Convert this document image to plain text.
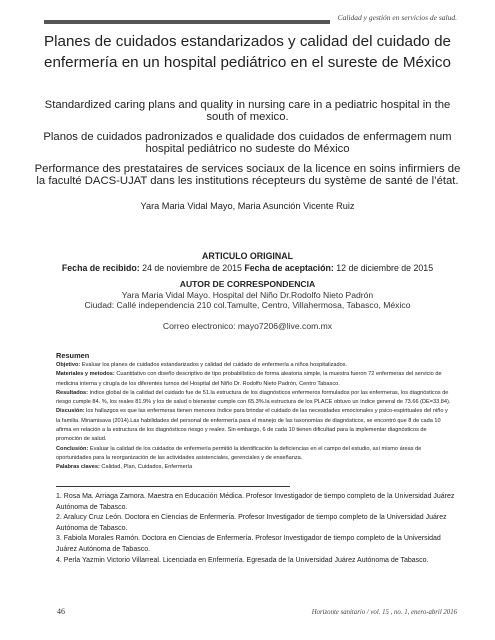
Calidad y gestión en servicios de salud.
Planes de cuidados estandarizados y calidad del cuidado de enfermería en un hospital pediátrico en el sureste de México
Standardized caring plans and quality in nursing care in a pediatric hospital in the south of mexico.
Planos de cuidados padronizados e qualidade dos cuidados de enfermagem num hospital pediátrico no sudeste do México
Performance des prestataires de services sociaux de la licence en soins infirmiers de la faculté DACS-UJAT dans les institutions récepteurs du système de santé de l’état.
Yara Maria Vidal Mayo, Maria Asunción Vicente Ruiz
ARTICULO ORIGINAL
Fecha de recibido: 24 de noviembre de 2015 Fecha de aceptación: 12 de diciembre de 2015
AUTOR DE CORRESPONDENCIA
Yara Maria Vidal Mayo. Hospital del Niño Dr.Rodolfo Nieto Padrón
Ciudad: Callé independencia 210 col.Tamulte, Centro, Villahermosa, Tabasco, México
Correo electronico: mayo7206@live.com.mx
Resumen

Objetivo: Evaluar los planes de cuidados estandarizados y calidad del cuidado de enfermería a niños hospitalizados.

Materiales y metodos: Cuantitativo con diseño descriptivo de tipo probabilístico de forma aleatoria simple, la muestra fueron 72 enfermeras del servicio de medicina interna y cirugía de los diferentes turnos del Hospital del Niño Dr. Rodolfo Nieto Padrón, Centro Tabasco.

Resultados: índice global de la calidad del cuidado fue de 51.la estructura de los diagnósticos enfermeros formulados por las enfermeras, los diagnósticos de riesgo cumple 84. %, los reales 81.9% y los de salud o bienestar cumple con 65.3%.la estructura de los PLACE obtuvo un índice general de 73.66 (DE=33.84).

Discusión: los hallazgos es que las enfermeras tienen menores índice para brindar el cuidado de las necesidades emocionales y psico-espirituales del niño y la familia. Minamisava (2014).Las habilidades del personal de enfermería para el manejo de las taxonomías de diagnósticos, se encontró que 8 de cada 10 afirma en relación a la estructura de los diagnósticos riesgo y reales. Sin embargo, 6 de cada 10 tienen dificultad para la implementar diagnósticos de promoción de salud.

Conclusión: Evaluar la calidad de los cuidados de enfermería permitió la identificación la deficiencias en el campo del estudio, así mismo áreas de oportunidades para la reorganización de las actividades asistenciales, gerenciales y de enseñanza.

Palabras claves: Calidad, Plan, Cuidados, Enfermería

1. Rosa Ma. Arriaga Zamora. Maestra en Educación Médica. Profesor Investigador de tiempo completo de la Universidad Juárez Autónoma de Tabasco.

2. Aralucy Cruz León. Doctora en Ciencias de Enfermería. Profesor Investigador de tiempo completo de la Universidad Juárez Autónoma de Tabasco.

3. Fabiola Morales Ramón. Doctora en Ciencias de Enfermería. Profesor Investigador de tiempo completo de la Universidad Juárez Autónoma de Tabasco.

4. Perla Yazmin Victorio Villarreal. Licenciada en Enfermería. Egresada de la Universidad Juárez Autónoma de Tabasco.

46	Horizonte sanitario / vol. 15 , no. 1, enero-abril 2016
